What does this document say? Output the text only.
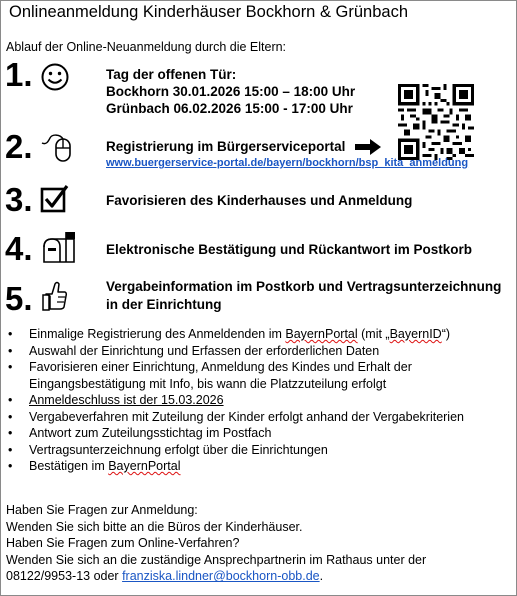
Onlineanmeldung Kinderhäuser Bockhorn & Grünbach
Ablauf der Online-Neuanmeldung durch die Eltern:
1.	Tag der offenen Tür:
Bockhorn 30.01.2026 15:00 – 18:00 Uhr
Grünbach 06.02.2026 15:00 - 17:00 Uhr
2.	Registrierung im Bürgerserviceportal
www.buergerservice-portal.de/bayern/bockhorn/bsp_kita_anmeldung
3.	Favorisieren des Kinderhauses und Anmeldung
4.	Elektronische Bestätigung und Rückantwort im Postkorb
5.	Vergabeinformation im Postkorb und Vertragsunterzeichnung
in der Einrichtung
• Einmalige Registrierung des Anmeldenden im BayernPortal (mit „BayernID“)
• Auswahl der Einrichtung und Erfassen der erforderlichen Daten
• Favorisieren einer Einrichtung, Anmeldung des Kindes und Erhalt der
Eingangsbestätigung mit Info, bis wann die Platzzuteilung erfolgt
• Anmeldeschluss ist der 15.03.2026
• Vergabeverfahren mit Zuteilung der Kinder erfolgt anhand der Vergabekriterien
• Antwort zum Zuteilungsstichtag im Postfach
• Vertragsunterzeichnung erfolgt über die Einrichtungen
• Bestätigen im BayernPortal
Haben Sie Fragen zur Anmeldung:
Wenden Sie sich bitte an die Büros der Kinderhäuser.
Haben Sie Fragen zum Online-Verfahren?
Wenden Sie sich an die zuständige Ansprechpartnerin im Rathaus unter der
08122/9953-13 oder franziska.lindner@bockhorn-obb.de.
